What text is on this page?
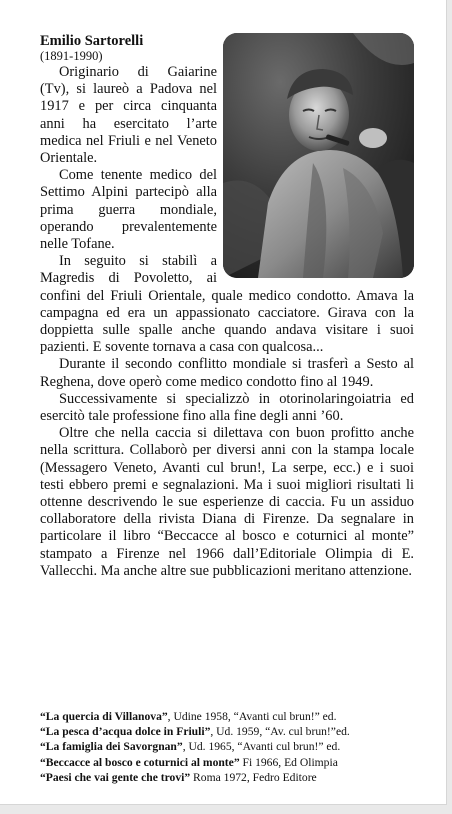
Emilio Sartorelli

(1891-1990)

Originario di Gaiarine (Tv), si laureò a Padova nel 1917 e per circa cinquanta anni ha esercitato l’arte medica nel Friuli e nel Veneto Orientale.

Come tenente medico del Settimo Alpini partecipò alla prima guerra mondiale, operando prevalentemente nelle Tofane.

In seguito si stabilì a Magredis di Povoletto, ai confini del Friuli Orientale, quale medico condotto. Amava la campagna ed era un appassionato cacciatore. Girava con la doppietta sulle spalle anche quando andava visitare i suoi pazienti. E sovente tornava a casa con qualcosa...

Durante il secondo conflitto mondiale si trasferì a Sesto al Reghena, dove operò come medico condotto fino al 1949.

Successivamente si specializzò in otorinolaringoiatria ed esercitò tale professione fino alla fine degli anni ’60.

Oltre che nella caccia si dilettava con buon profitto anche nella scrittura. Collaborò per diversi anni con la stampa locale (Messagero Veneto, Avanti cul brun!, La serpe, ecc.) e i suoi testi ebbero premi e segnalazioni. Ma i suoi migliori risultati li ottenne descrivendo le sue esperienze di caccia. Fu un assiduo collaboratore della rivista Diana di Firenze. Da segnalare in particolare il libro “Beccacce al bosco e coturnici al monte” stampato a Firenze nel 1966 dall’Editoriale Olimpia di E. Vallecchi. Ma anche altre sue pubblicazioni meritano attenzione.

“La quercia di Villanova”, Udine 1958, “Avanti cul brun!” ed.
“La pesca d’acqua dolce in Friuli”, Ud. 1959, “Av. cul brun!”ed.
“La famiglia dei Savorgnan”, Ud. 1965, “Avanti cul brun!” ed.
“Beccacce al bosco e coturnici al monte” Fi 1966, Ed Olimpia
“Paesi che vai gente che trovi” Roma 1972, Fedro Editore
